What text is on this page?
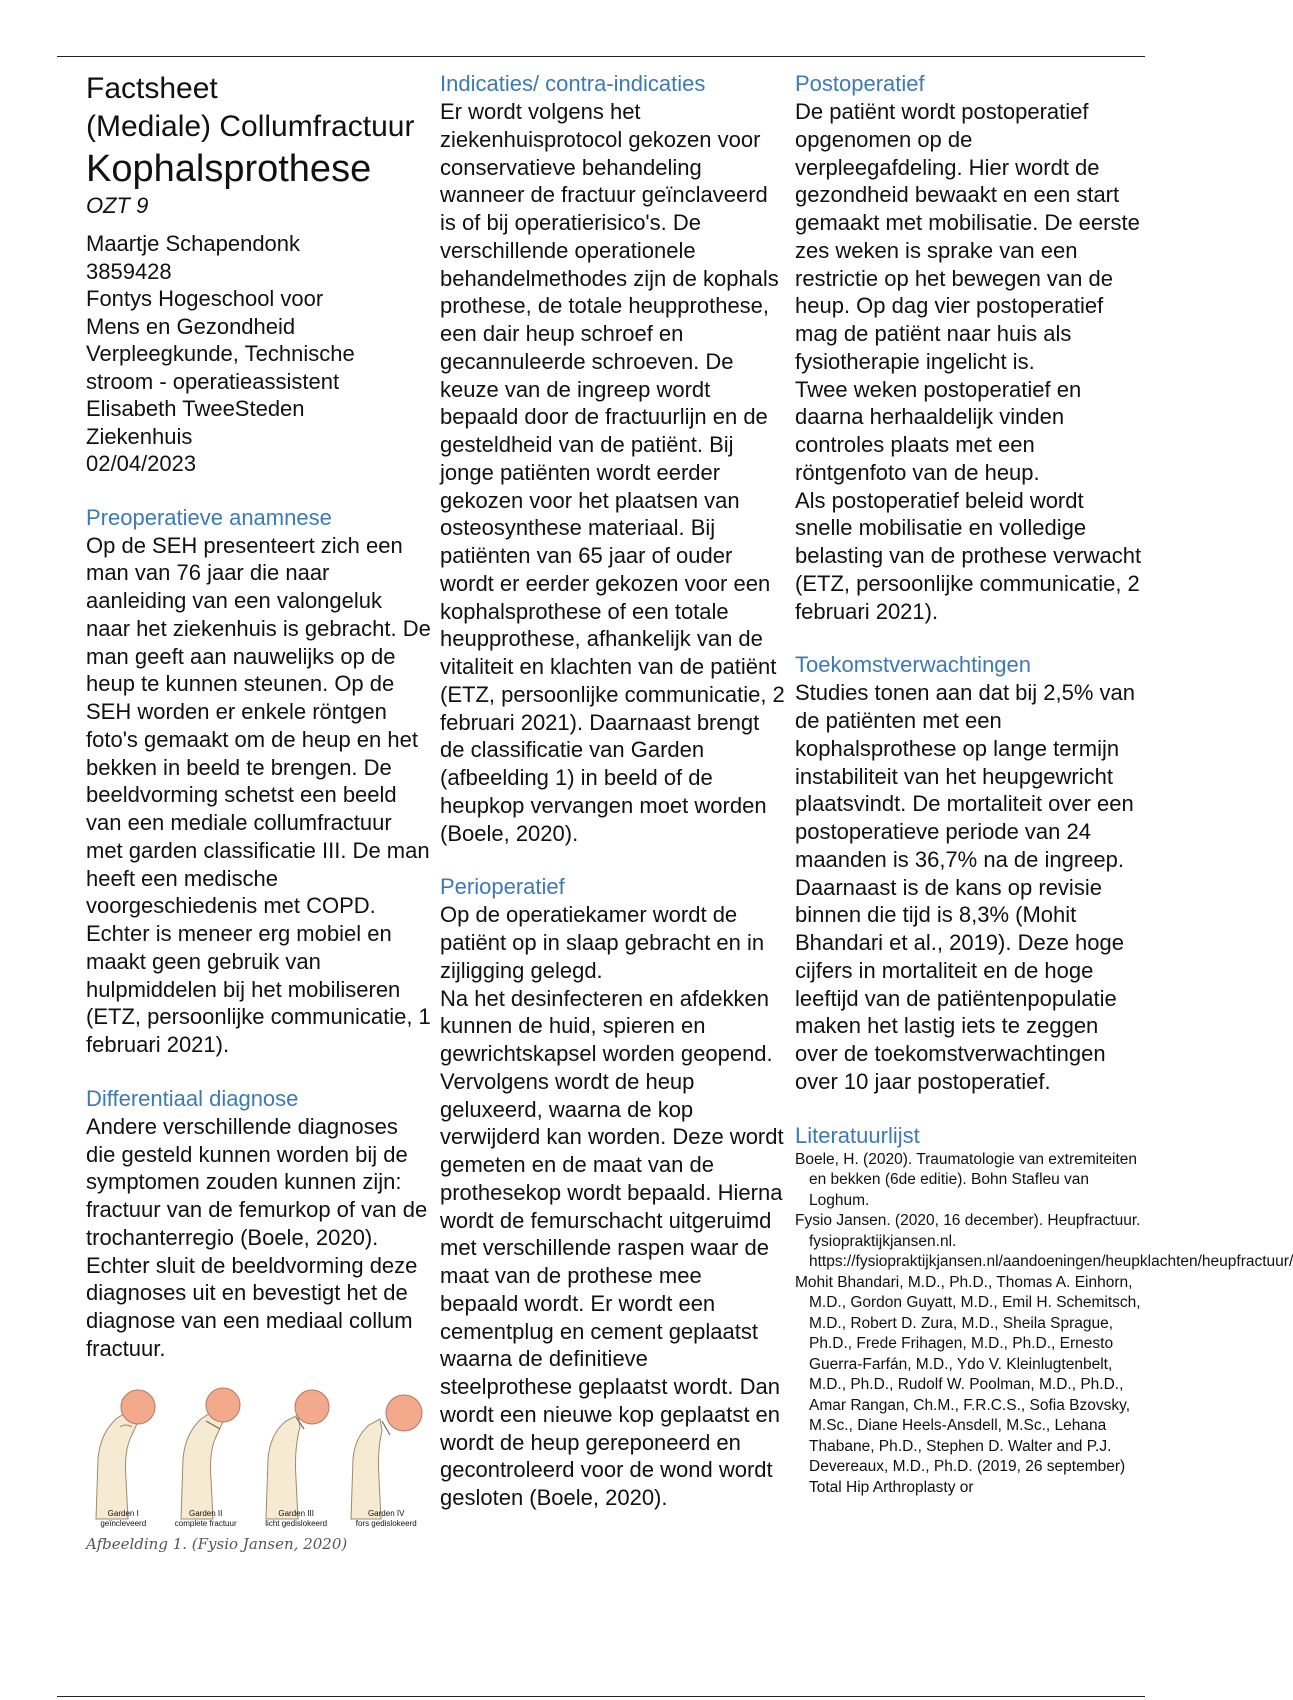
Factsheet
(Mediale) Collumfractuur
Kophalsprothese
OZT 9
Maartje Schapendonk
3859428
Fontys Hogeschool voor
Mens en Gezondheid
Verpleegkunde, Technische
stroom - operatieassistent
Elisabeth TweeSteden
Ziekenhuis
02/04/2023
Preoperatieve anamnese

Op de SEH presenteert zich een man van 76 jaar die naar aanleiding van een valongeluk naar het ziekenhuis is gebracht. De man geeft aan nauwelijks op de heup te kunnen steunen. Op de SEH worden er enkele röntgen foto's gemaakt om de heup en het bekken in beeld te brengen. De beeldvorming schetst een beeld van een mediale collumfractuur met garden classificatie III. De man heeft een medische voorgeschiedenis met COPD. Echter is meneer erg mobiel en maakt geen gebruik van hulpmiddelen bij het mobiliseren (ETZ, persoonlijke communicatie, 1 februari 2021).

Differentiaal diagnose

Andere verschillende diagnoses die gesteld kunnen worden bij de symptomen zouden kunnen zijn: fractuur van de femurkop of van de trochanterregio (Boele, 2020). Echter sluit de beeldvorming deze diagnoses uit en bevestigt het de diagnose van een mediaal collum fractuur.

Garden I
geïncleveerd
Garden II
complete fractuur
Garden III
licht gedislokeerd
Garden IV
fors gedislokeerd
Afbeelding 1. (Fysio Jansen, 2020)
Indicaties/ contra-indicaties

Er wordt volgens het ziekenhuisprotocol gekozen voor conservatieve behandeling wanneer de fractuur geïnclaveerd is of bij operatierisico's. De verschillende operationele behandelmethodes zijn de kophals prothese, de totale heupprothese, een dair heup schroef en gecannuleerde schroeven. De keuze van de ingreep wordt bepaald door de fractuurlijn en de gesteldheid van de patiënt. Bij jonge patiënten wordt eerder gekozen voor het plaatsen van osteosynthese materiaal. Bij patiënten van 65 jaar of ouder wordt er eerder gekozen voor een kophalsprothese of een totale heupprothese, afhankelijk van de vitaliteit en klachten van de patiënt (ETZ, persoonlijke communicatie, 2 februari 2021). Daarnaast brengt de classificatie van Garden (afbeelding 1) in beeld of de heupkop vervangen moet worden (Boele, 2020).

Perioperatief

Op de operatiekamer wordt de patiënt op in slaap gebracht en in zijligging gelegd.

Na het desinfecteren en afdekken kunnen de huid, spieren en gewrichtskapsel worden geopend. Vervolgens wordt de heup geluxeerd, waarna de kop verwijderd kan worden. Deze wordt gemeten en de maat van de prothesekop wordt bepaald. Hierna wordt de femurschacht uitgeruimd met verschillende raspen waar de maat van de prothese mee bepaald wordt. Er wordt een cementplug en cement geplaatst waarna de definitieve steelprothese geplaatst wordt. Dan wordt een nieuwe kop geplaatst en wordt de heup gereponeerd en gecontroleerd voor de wond wordt gesloten (Boele, 2020).

Postoperatief

De patiënt wordt postoperatief opgenomen op de verpleegafdeling. Hier wordt de gezondheid bewaakt en een start gemaakt met mobilisatie. De eerste zes weken is sprake van een restrictie op het bewegen van de heup. Op dag vier postoperatief mag de patiënt naar huis als fysiotherapie ingelicht is.

Twee weken postoperatief en daarna herhaaldelijk vinden controles plaats met een röntgenfoto van de heup.

Als postoperatief beleid wordt snelle mobilisatie en volledige belasting van de prothese verwacht (ETZ, persoonlijke communicatie, 2 februari 2021).

Toekomstverwachtingen

Studies tonen aan dat bij 2,5% van de patiënten met een kophalsprothese op lange termijn instabiliteit van het heupgewricht plaatsvindt. De mortaliteit over een postoperatieve periode van 24 maanden is 36,7% na de ingreep. Daarnaast is de kans op revisie binnen die tijd is 8,3% (Mohit Bhandari et al., 2019). Deze hoge cijfers in mortaliteit en de hoge leeftijd van de patiëntenpopulatie maken het lastig iets te zeggen over de toekomstverwachtingen over 10 jaar postoperatief.

Literatuurlijst

Boele, H. (2020). Traumatologie van extremiteiten en bekken (6de editie). Bohn Stafleu van Loghum.

Fysio Jansen. (2020, 16 december). Heupfractuur. fysiopraktijkjansen.nl. https://fysiopraktijkjansen.nl/aandoeningen/heupklachten/heupfractuur/

Mohit Bhandari, M.D., Ph.D., Thomas A. Einhorn, M.D., Gordon Guyatt, M.D., Emil H. Schemitsch, M.D., Robert D. Zura, M.D., Sheila Sprague, Ph.D., Frede Frihagen, M.D., Ph.D., Ernesto Guerra-Farfán, M.D., Ydo V. Kleinlugtenbelt, M.D., Ph.D., Rudolf W. Poolman, M.D., Ph.D., Amar Rangan, Ch.M., F.R.C.S., Sofia Bzovsky, M.Sc., Diane Heels-Ansdell, M.Sc., Lehana Thabane, Ph.D., Stephen D. Walter and P.J. Devereaux, M.D., Ph.D. (2019, 26 september) Total Hip Arthroplasty or
